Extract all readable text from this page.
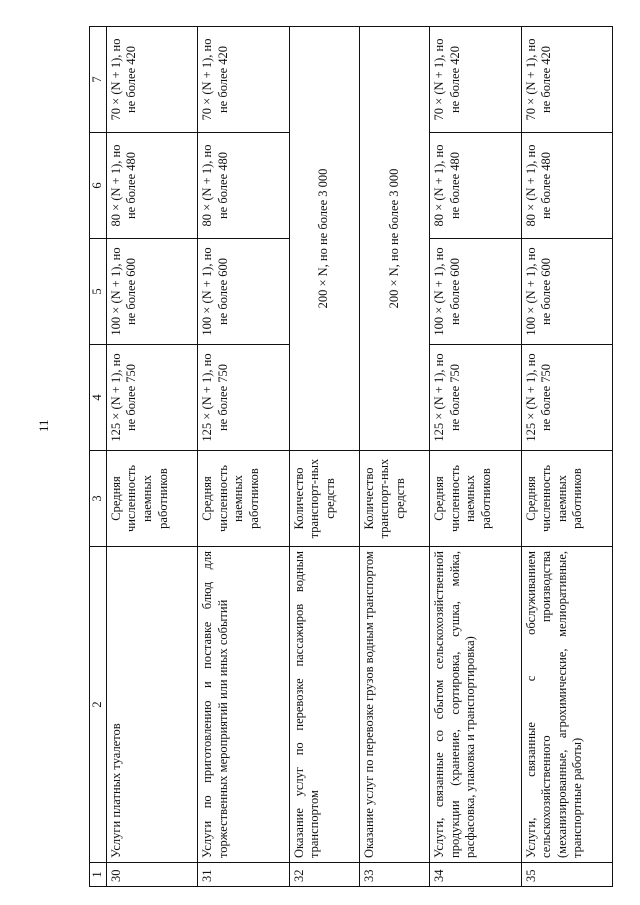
11
1	2	3	4	5	6	7
30	Услуги платных туалетов	Средняя численность наемных работников	125 × (N + 1), но не более 750	100 × (N + 1), но не более 600	80 × (N + 1), но не более 480	70 × (N + 1), но не более 420
31	Услуги по приготовлению и поставке блюд для торжественных мероприятий или иных событий	Средняя численность наемных работников	125 × (N + 1), но не более 750	100 × (N + 1), но не более 600	80 × (N + 1), но не более 480	70 × (N + 1), но не более 420
32	Оказание услуг по перевозке пассажиров водным транспортом	Количество транспорт-ных средств	200 × N, но не более 3 000			
33	Оказание услуг по перевозке грузов водным транспортом	Количество транспорт-ных средств	200 × N, но не более 3 000			
34	Услуги, связанные со сбытом сельскохозяйственной продукции (хранение, сортировка, сушка, мойка, расфасовка, упаковка и транспортировка)	Средняя численность наемных работников	125 × (N + 1), но не более 750	100 × (N + 1), но не более 600	80 × (N + 1), но не более 480	70 × (N + 1), но не более 420
35	Услуги, связанные с обслуживанием сельскохозяйственного производства (механизированные, агрохимические, мелиоративные, транспортные работы)	Средняя численность наемных работников	125 × (N + 1), но не более 750	100 × (N + 1), но не более 600	80 × (N + 1), но не более 480	70 × (N + 1), но не более 420
